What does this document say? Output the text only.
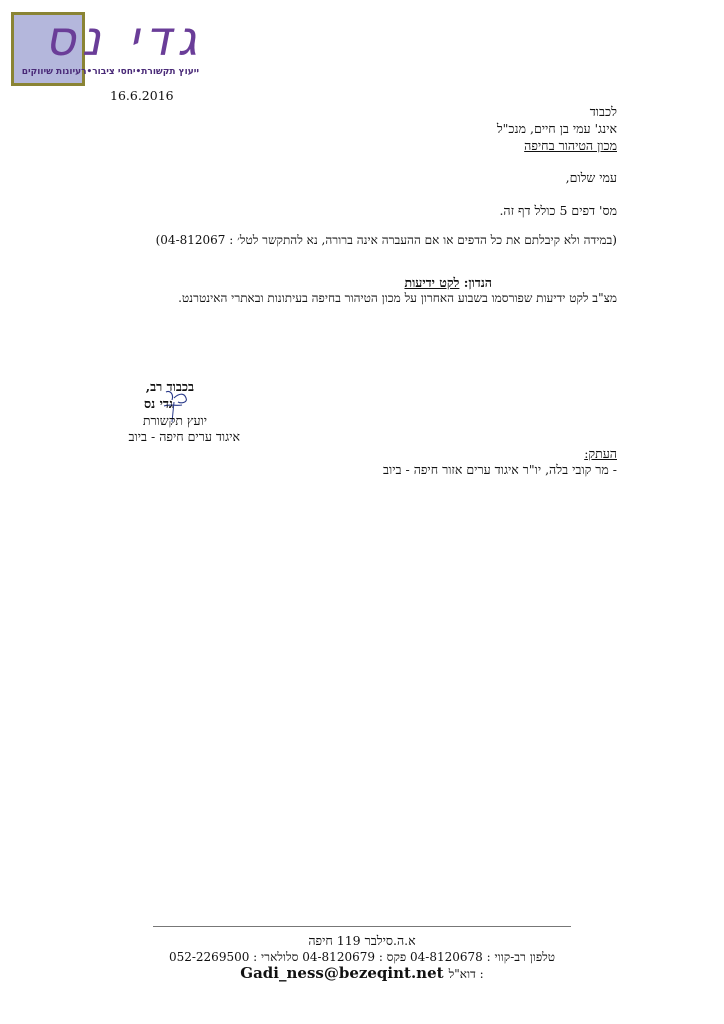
גדי נס
ייעוץ תקשורת•יחסי ציבור•רעיונות שיווקים
16.6.2016
לכבוד
אינג' עמי בן חיים, מנכ"ל
מכון הטיהור בחיפה
עמי שלום,
מס' דפים 5 כולל דף זה.
(במידה ולא קיבלתם את כל הדפים או אם ההעברה אינה ברורה, נא להתקשר לטל׳ : 04-812067)
הנדון: לקט ידיעות
מצ"ב לקט ידיעות שפורסמו בשבוע האחרון על מכון הטיהור בחיפה בעיתונות ובאתרי האינטרנט.
בכבוד רב,
גדי נס
יועץ תקשורת
איגוד ערים חיפה - ביוב
העתק:
- מר קובי בלה, יו"ר איגוד ערים אזור חיפה - ביוב
א.ה.סילבר 119 חיפה
טלפון רב-קווי : 04-8120678 פקס : 04-8120679 סלולארי : 052-2269500
Gadi_ness@bezeqint.net דוא"ל :
